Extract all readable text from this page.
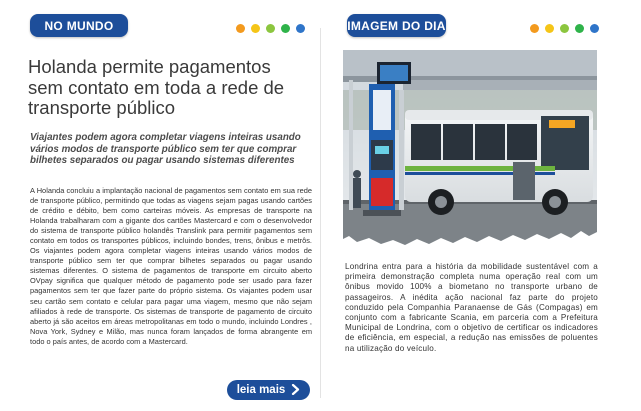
NO MUNDO
Holanda permite pagamentos sem contato em toda a rede de transporte público

Viajantes podem agora completar viagens inteiras usando vários modos de transporte público sem ter que comprar bilhetes separados ou pagar usando sistemas diferentes

A Holanda concluiu a implantação nacional de pagamentos sem contato em sua rede de transporte público, permitindo que todas as viagens sejam pagas usando cartões de crédito e débito, bem como carteiras móveis. As empresas de transporte na Holanda trabalharam com a gigante dos cartões Mastercard e com o desenvolvedor do sistema de transporte público holandês Translink para permitir pagamentos sem contato em todos os transportes públicos, incluindo bondes, trens, ônibus e metrôs. Os viajantes podem agora completar viagens inteiras usando vários modos de transporte público sem ter que comprar bilhetes separados ou pagar usando sistemas diferentes. O sistema de pagamentos de transporte em circuito aberto OVpay significa que qualquer método de pagamento pode ser usado para fazer pagamentos sem ter que fazer parte do próprio sistema. Os viajantes podem usar seu cartão sem contato e celular para pagar uma viagem, mesmo que não sejam afiliados à rede de transporte. Os sistemas de transporte de pagamento de circuito aberto já são aceitos em áreas metropolitanas em todo o mundo, incluindo Londres , Nova York, Sydney e Milão, mas nunca foram lançados de forma abrangente em todo o país antes, de acordo com a Mastercard.

leia mais
IMAGEM DO DIA

Londrina entra para a história da mobilidade sustentável com a primeira demonstração completa numa operação real com um ônibus movido 100% a biometano no transporte urbano de passageiros. A inédita ação nacional faz parte do projeto conduzido pela Companhia Paranaense de Gás (Compagas) em conjunto com a fabricante Scania, em parceria com a Prefeitura Municipal de Londrina, com o objetivo de certificar os indicadores de eficiência, em especial, a redução nas emissões de poluentes na utilização do veículo.
